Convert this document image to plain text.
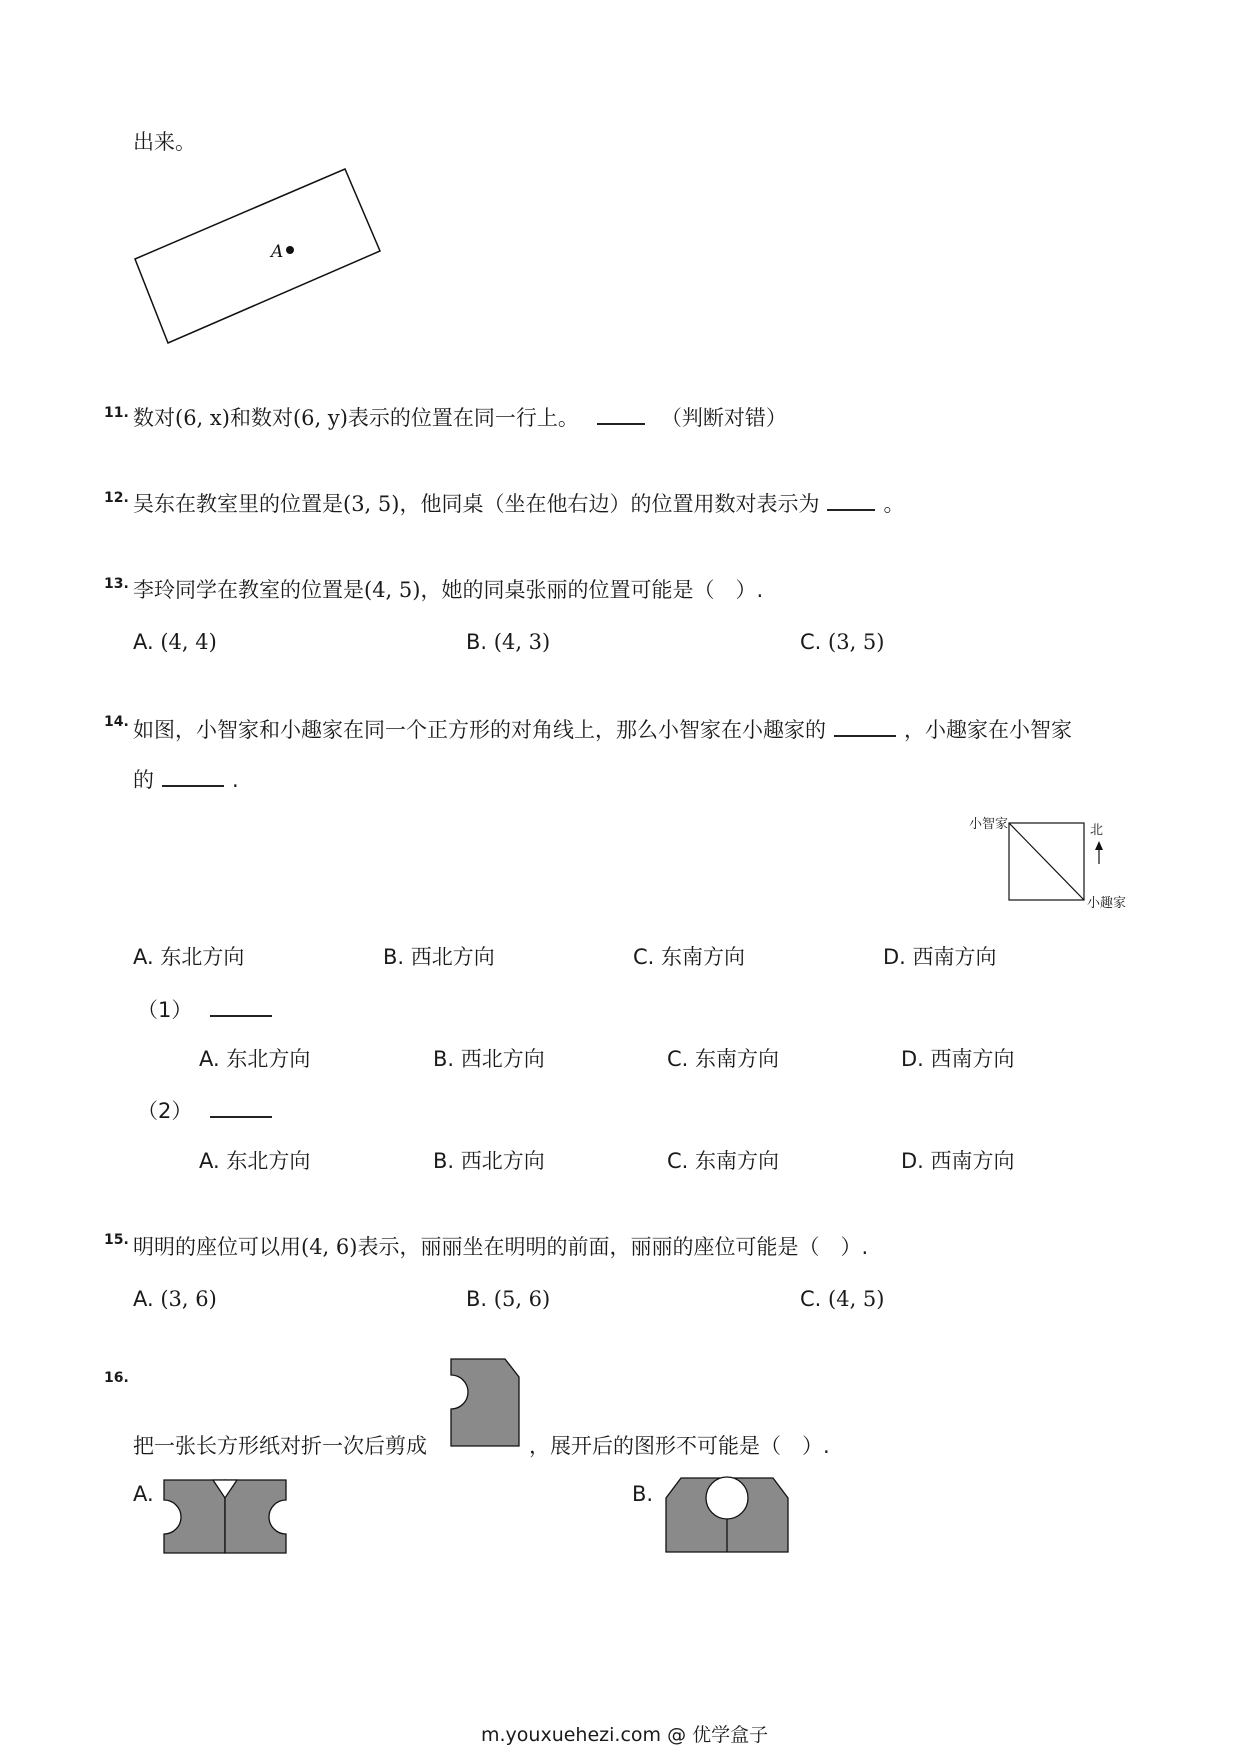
出来。
A
11. 数对(6, x)和数对(6, y)表示的位置在同一行上。	（判断对错）
12. 吴东在教室里的位置是(3, 5)，他同桌（坐在他右边）的位置用数对表示为	。
13. 李玲同学在教室的位置是(4, 5)，她的同桌张丽的位置可能是（　）.
A. (4, 4)	B. (4, 3)	C. (3, 5)
14. 如图，小智家和小趣家在同一个正方形的对角线上，那么小智家在小趣家的	，小趣家在小智家
的	.
小智家
小趣家
北
A. 东北方向	B. 西北方向	C. 东南方向	D. 西南方向
（1）
A. 东北方向	B. 西北方向	C. 东南方向	D. 西南方向
（2）
A. 东北方向	B. 西北方向	C. 东南方向	D. 西南方向
15. 明明的座位可以用(4, 6)表示，丽丽坐在明明的前面，丽丽的座位可能是（　）.
A. (3, 6)	B. (5, 6)	C. (4, 5)
16.
把一张长方形纸对折一次后剪成	，展开后的图形不可能是（　）.
A.	B.
m.youxuehezi.com @ 优学盒子
